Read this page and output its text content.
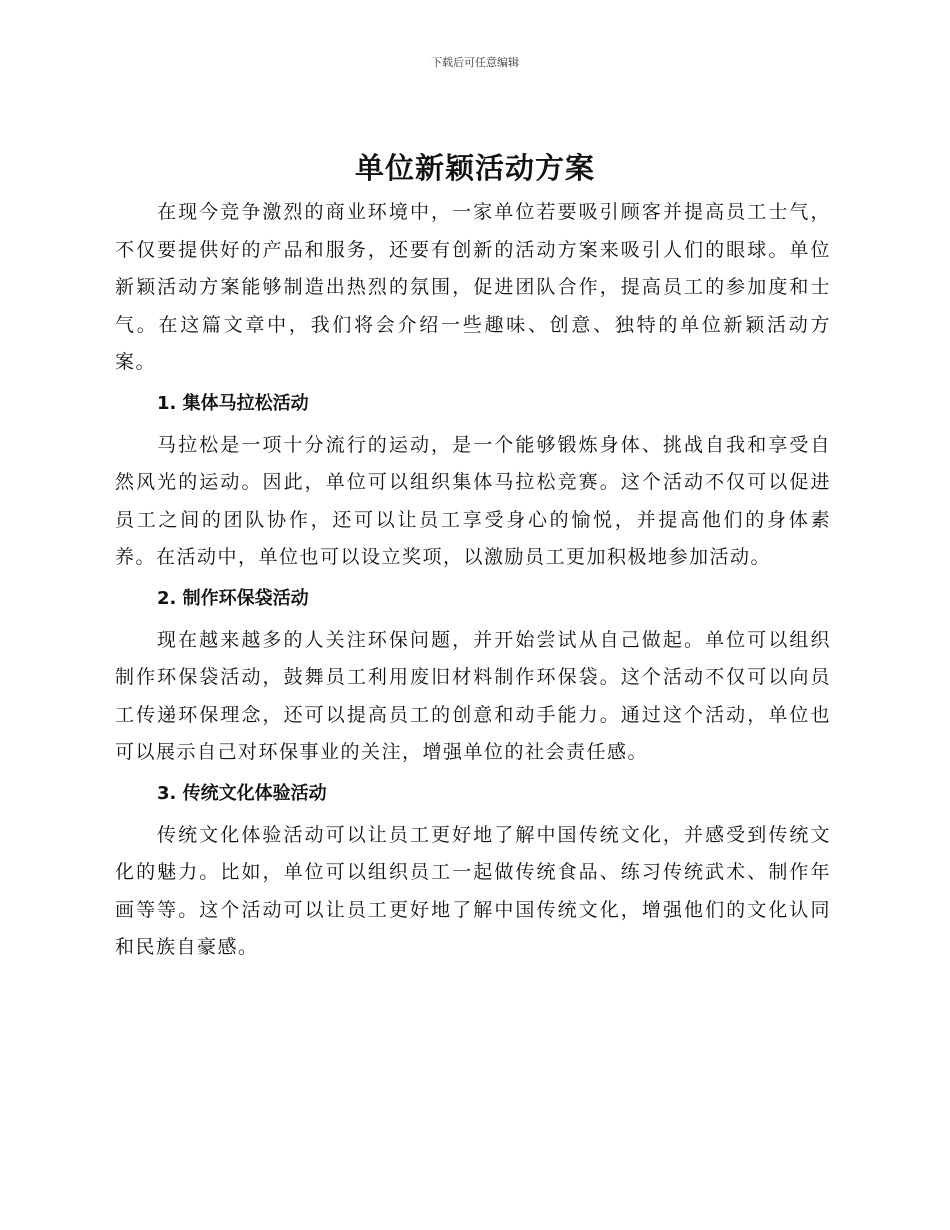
下载后可任意编辑
单位新颖活动方案

在现今竞争激烈的商业环境中，一家单位若要吸引顾客并提高员工士气，不仅要提供好的产品和服务，还要有创新的活动方案来吸引人们的眼球。单位新颖活动方案能够制造出热烈的氛围，促进团队合作，提高员工的参加度和士气。在这篇文章中，我们将会介绍一些趣味、创意、独特的单位新颖活动方案。

1. 集体马拉松活动

马拉松是一项十分流行的运动，是一个能够锻炼身体、挑战自我和享受自然风光的运动。因此，单位可以组织集体马拉松竞赛。这个活动不仅可以促进员工之间的团队协作，还可以让员工享受身心的愉悦，并提高他们的身体素养。在活动中，单位也可以设立奖项，以激励员工更加积极地参加活动。

2. 制作环保袋活动

现在越来越多的人关注环保问题，并开始尝试从自己做起。单位可以组织制作环保袋活动，鼓舞员工利用废旧材料制作环保袋。这个活动不仅可以向员工传递环保理念，还可以提高员工的创意和动手能力。通过这个活动，单位也可以展示自己对环保事业的关注，增强单位的社会责任感。

3. 传统文化体验活动

传统文化体验活动可以让员工更好地了解中国传统文化，并感受到传统文化的魅力。比如，单位可以组织员工一起做传统食品、练习传统武术、制作年画等等。这个活动可以让员工更好地了解中国传统文化，增强他们的文化认同和民族自豪感。
